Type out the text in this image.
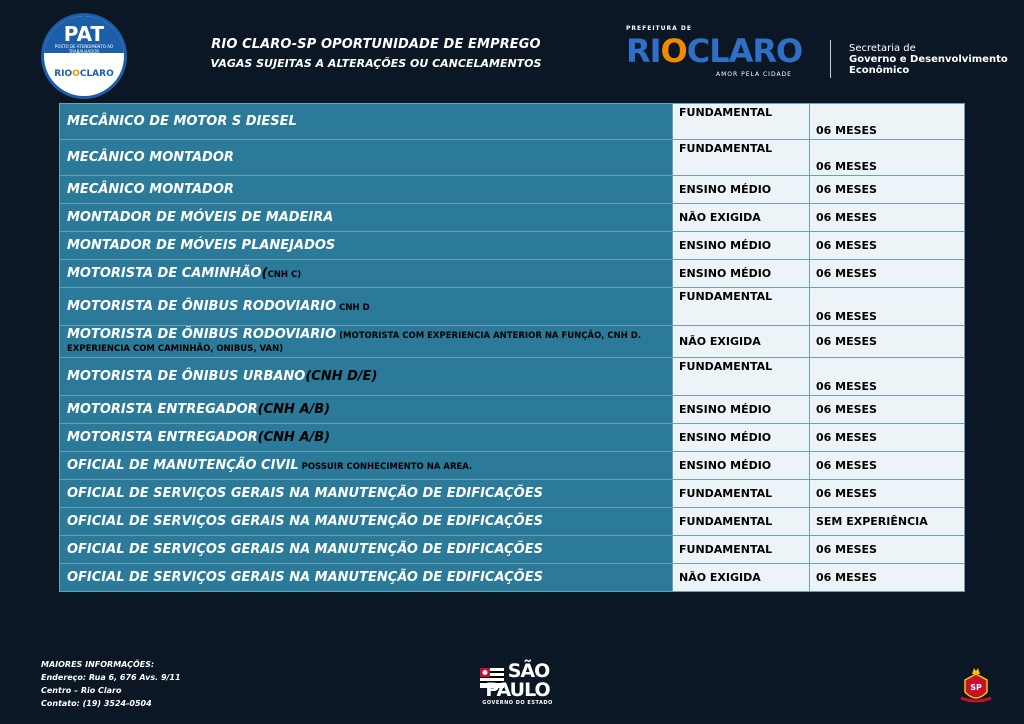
PAT
POSTO DE ATENDIMENTO AO TRABALHADOR
RIOOCLARO
RIO CLARO-SP OPORTUNIDADE DE EMPREGO
VAGAS SUJEITAS A ALTERAÇÕES OU CANCELAMENTOS
PREFEITURA DE
RIOCLARO
AMOR PELA CIDADE
Secretaria de
Governo e Desenvolvimento
Econômico
MECÂNICO DE MOTOR S DIESEL	FUNDAMENTAL	06 MESES
MECÂNICO MONTADOR	FUNDAMENTAL	06 MESES
MECÂNICO MONTADOR	ENSINO MÉDIO	06 MESES
MONTADOR DE MÓVEIS DE MADEIRA	NÃO EXIGIDA	06 MESES
MONTADOR DE MÓVEIS PLANEJADOS	ENSINO MÉDIO	06 MESES
MOTORISTA DE CAMINHÃO(CNH C)	ENSINO MÉDIO	06 MESES
MOTORISTA DE ÔNIBUS RODOVIARIO CNH D	FUNDAMENTAL	06 MESES
MOTORISTA DE ÔNIBUS RODOVIARIO (MOTORISTA COM EXPERIENCIA ANTERIOR NA FUNÇÃO, CNH D. EXPERIENCIA COM CAMINHÃO, ONIBUS, VAN)	NÃO EXIGIDA	06 MESES
MOTORISTA DE ÔNIBUS URBANO(CNH D/E)	FUNDAMENTAL	06 MESES
MOTORISTA ENTREGADOR(CNH A/B)	ENSINO MÉDIO	06 MESES
MOTORISTA ENTREGADOR(CNH A/B)	ENSINO MÉDIO	06 MESES
OFICIAL DE MANUTENÇÃO CIVIL POSSUIR CONHECIMENTO NA AREA.	ENSINO MÉDIO	06 MESES
OFICIAL DE SERVIÇOS GERAIS NA MANUTENÇÃO DE EDIFICAÇÕES	FUNDAMENTAL	06 MESES
OFICIAL DE SERVIÇOS GERAIS NA MANUTENÇÃO DE EDIFICAÇÕES	FUNDAMENTAL	SEM EXPERIÊNCIA
OFICIAL DE SERVIÇOS GERAIS NA MANUTENÇÃO DE EDIFICAÇÕES	FUNDAMENTAL	06 MESES
OFICIAL DE SERVIÇOS GERAIS NA MANUTENÇÃO DE EDIFICAÇÕES	NÃO EXIGIDA	06 MESES
MAIORES INFORMAÇÕES:
Endereço: Rua 6, 676 Avs. 9/11
Centro – Rio Claro
Contato: (19) 3524-0504
SÃO
PAULO
GOVERNO DO ESTADO
SP
